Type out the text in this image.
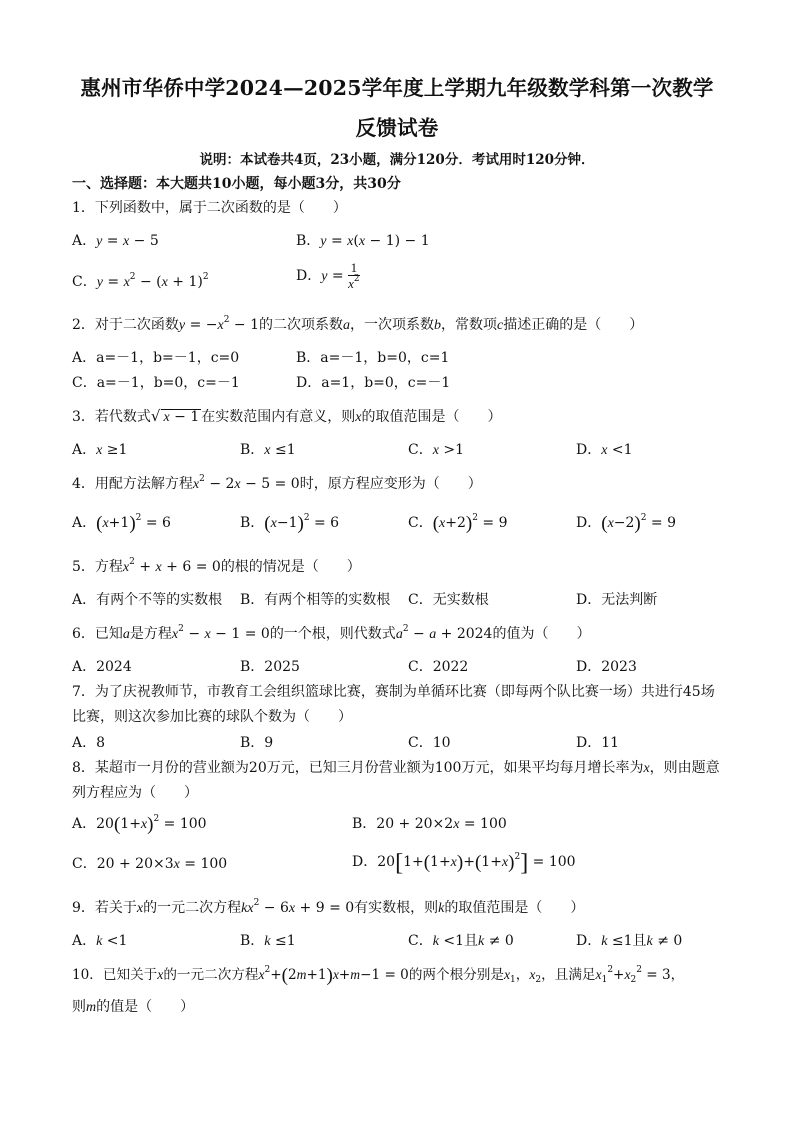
惠州市华侨中学2024—2025学年度上学期九年级数学科第一次教学
反馈试卷
说明：本试卷共4页，23小题，满分120分．考试用时120分钟．
一、选择题：本大题共10小题，每小题3分，共30分
1．下列函数中，属于二次函数的是（　　）
A．y = x − 5	B．y = x(x − 1) − 1
C．$y = x^2 - (x + 1)^2$	D．$y = \frac{1}{x^2}$
2．对于二次函数$y = -x^2 - 1$的二次项系数a，一次项系数b，常数项c描述正确的是（　　）
A．a=－1，b=－1，c=0	B．a=－1，b=0，c=1
C．a=－1，b=0，c=－1	D．a=1，b=0，c=－1
3．若代数式√ x − 1 在实数范围内有意义，则x的取值范围是（　　）
A．x ≥1	B．x ≤1	C．x >1	D．x <1
4．用配方法解方程$x^2 - 2x - 5 = 0$时，原方程应变形为（　　）
A．$(x+1)^2 = 6$	B．$(x-1)^2 = 6$	C．$(x+2)^2 = 9$	D．$(x-2)^2 = 9$
5．方程$x^2 + x + 6 = 0$的根的情况是（　　）
A．有两个不等的实数根 B．有两个相等的实数根 C．无实数根	D．无法判断
6．已知a是方程$x^2 - x - 1 = 0$的一个根，则代数式$a^2 - a + 2024$的值为（　　）
A．2024	B．2025	C．2022	D．2023
7．为了庆祝教师节，市教育工会组织篮球比赛，赛制为单循环比赛（即每两个队比赛一场）共进行45场
比赛，则这次参加比赛的球队个数为（　　）
A．8	B．9	C．10	D．11
8．某超市一月份的营业额为20万元，已知三月份营业额为100万元，如果平均每月增长率为x，则由题意
列方程应为（　　）
A．$20(1+x)^2 = 100$	B．20 + 20×2x = 100
C．20 + 20×3x = 100	D．$20[1+(1+x)+(1+x)^2] = 100$
9．若关于x的一元二次方程$kx^2 - 6x + 9 = 0$有实数根，则k的取值范围是（　　）
A．k <1	B．k ≤1	C．k <1且k ≠ 0	D．k ≤1且k ≠ 0
10．已知关于x的一元二次方程$x^2+(2m+1)x+m-1 = 0$的两个根分别是$x_1$，$x_2$，且满足$x_1^2+x_2^2 = 3$，
则m的值是（　　）
